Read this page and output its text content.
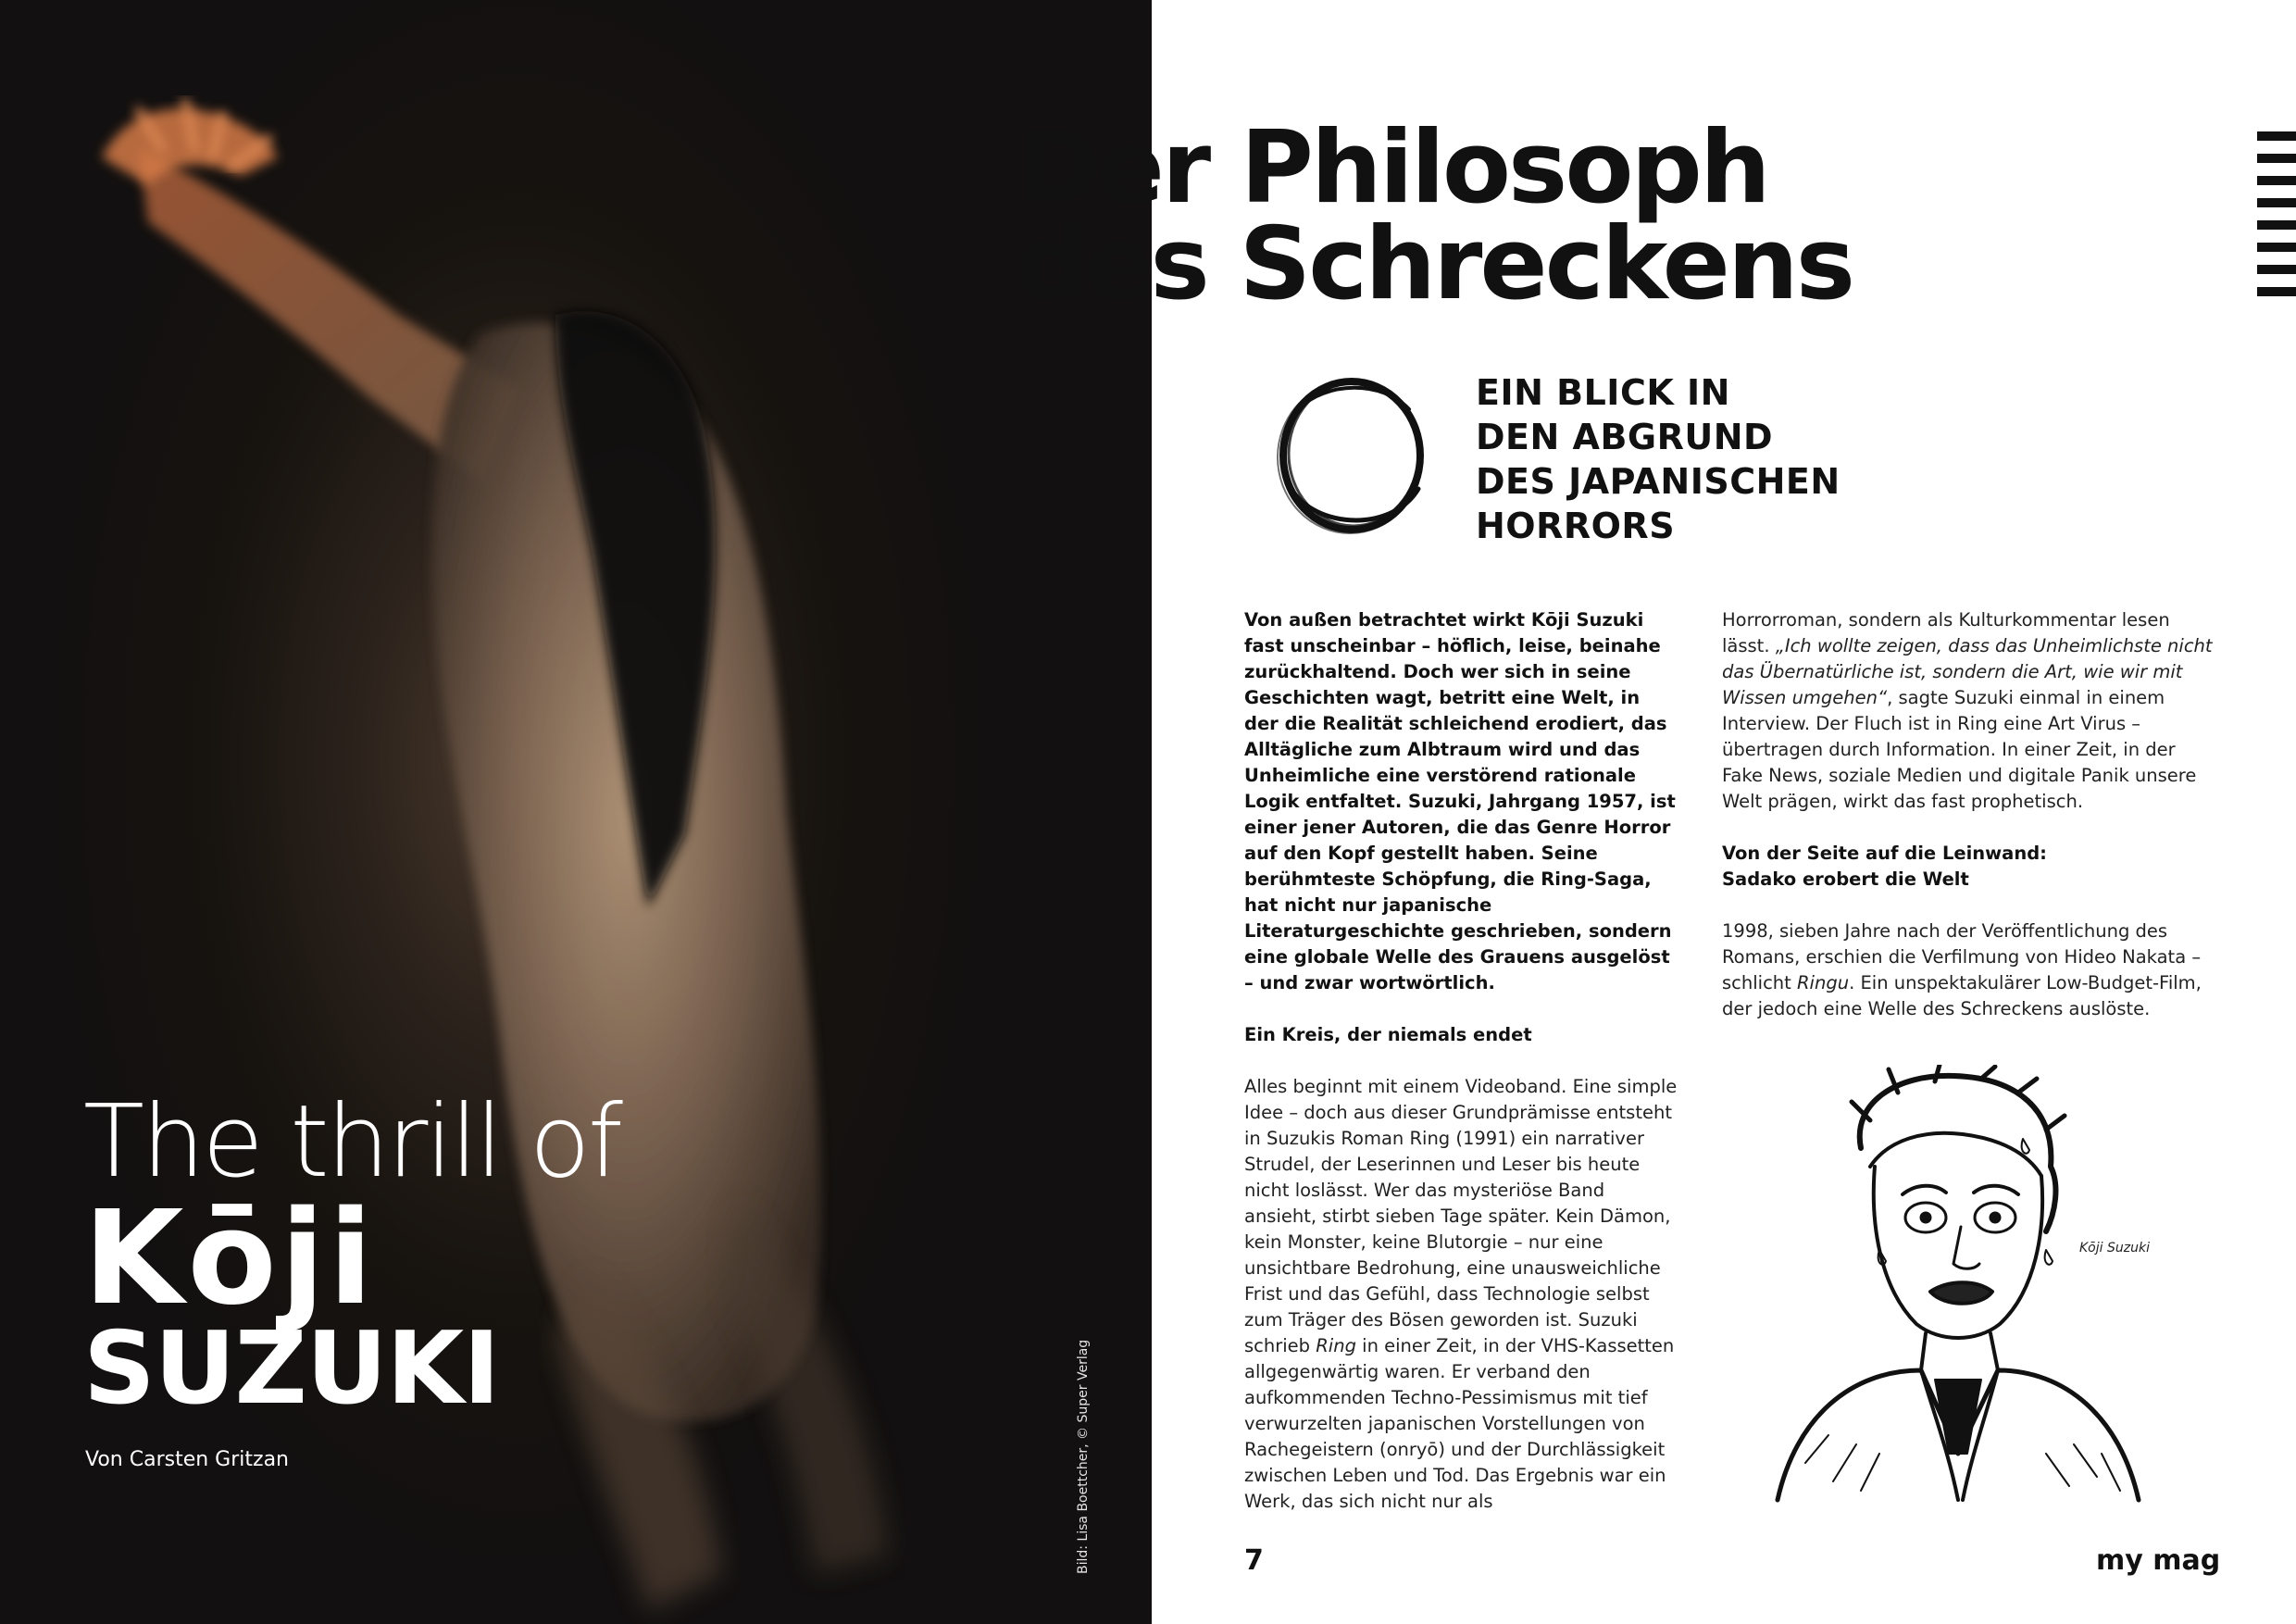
The thrill of
Kōji
SUZUKI
Von Carsten Gritzan	Bild: Lisa Boettcher, © Super Verlag
Der Philosoph
des Schreckens
EIN BLICK IN
DEN ABGRUND
DES JAPANISCHEN
HORRORS

Von außen betrachtet wirkt Kōji Suzuki fast unscheinbar – höflich, leise, beinahe zurückhaltend. Doch wer sich in seine Geschichten wagt, betritt eine Welt, in der die Realität schleichend erodiert, das Alltägliche zum Albtraum wird und das Unheimliche eine verstörend rationale Logik entfaltet. Suzuki, Jahrgang 1957, ist einer jener Autoren, die das Genre Horror auf den Kopf gestellt haben. Seine berühmteste Schöpfung, die Ring-Saga, hat nicht nur japanische Literaturgeschichte geschrieben, sondern eine globale Welle des Grauens ausgelöst – und zwar wortwörtlich.

Ein Kreis, der niemals endet

Alles beginnt mit einem Videoband. Eine simple Idee – doch aus dieser Grundprämisse entsteht in Suzukis Roman Ring (1991) ein narrativer Strudel, der Leserinnen und Leser bis heute nicht loslässt. Wer das mysteriöse Band ansieht, stirbt sieben Tage später. Kein Dämon, kein Monster, keine Blutorgie – nur eine unsichtbare Bedrohung, eine unausweichliche Frist und das Gefühl, dass Technologie selbst zum Träger des Bösen geworden ist. Suzuki schrieb Ring in einer Zeit, in der VHS-Kassetten allgegenwärtig waren. Er verband den aufkommenden Techno-Pessimismus mit tief verwurzelten japanischen Vorstellungen von Rachegeistern (onryō) und der Durchlässigkeit zwischen Leben und Tod. Das Ergebnis war ein Werk, das sich nicht nur als

Horrorroman, sondern als Kulturkommentar lesen lässt. „Ich wollte zeigen, dass das Unheimlichste nicht das Übernatürliche ist, sondern die Art, wie wir mit Wissen umgehen“, sagte Suzuki einmal in einem Interview. Der Fluch ist in Ring eine Art Virus – übertragen durch Information. In einer Zeit, in der Fake News, soziale Medien und digitale Panik unsere Welt prägen, wirkt das fast prophetisch.

Von der Seite auf die Leinwand:
Sadako erobert die Welt

1998, sieben Jahre nach der Veröffentlichung des Romans, erschien die Verfilmung von Hideo Nakata – schlicht Ringu. Ein unspektakulärer Low-Budget-Film, der jedoch eine Welle des Schreckens auslöste.

Kōji Suzuki
7	my mag
